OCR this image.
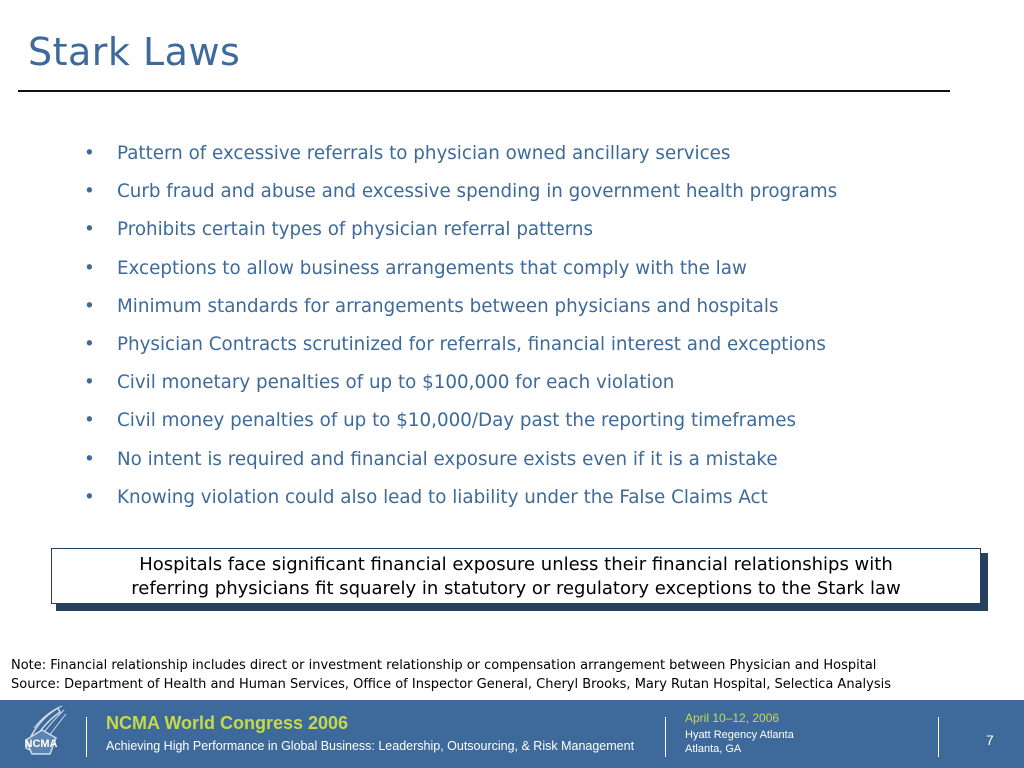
Stark Laws
•	Pattern of excessive referrals to physician owned ancillary services
•	Curb fraud and abuse and excessive spending in government health programs
•	Prohibits certain types of physician referral patterns
•	Exceptions to allow business arrangements that comply with the law
•	Minimum standards for arrangements between physicians and hospitals
•	Physician Contracts scrutinized for referrals, financial interest and exceptions
•	Civil monetary penalties of up to $100,000 for each violation
•	Civil money penalties of up to $10,000/Day past the reporting timeframes
•	No intent is required and financial exposure exists even if it is a mistake
•	Knowing violation could also lead to liability under the False Claims Act
Hospitals face significant financial exposure unless their financial relationships with
referring physicians fit squarely in statutory or regulatory exceptions to the Stark law
Note: Financial relationship includes direct or investment relationship or compensation arrangement between Physician and Hospital
Source: Department of Health and Human Services, Office of Inspector General, Cheryl Brooks, Mary Rutan Hospital, Selectica Analysis
NCMA
NCMA World Congress 2006
Achieving High Performance in Global Business: Leadership, Outsourcing, & Risk Management
April 10–12, 2006
Hyatt Regency Atlanta
Atlanta, GA
7
